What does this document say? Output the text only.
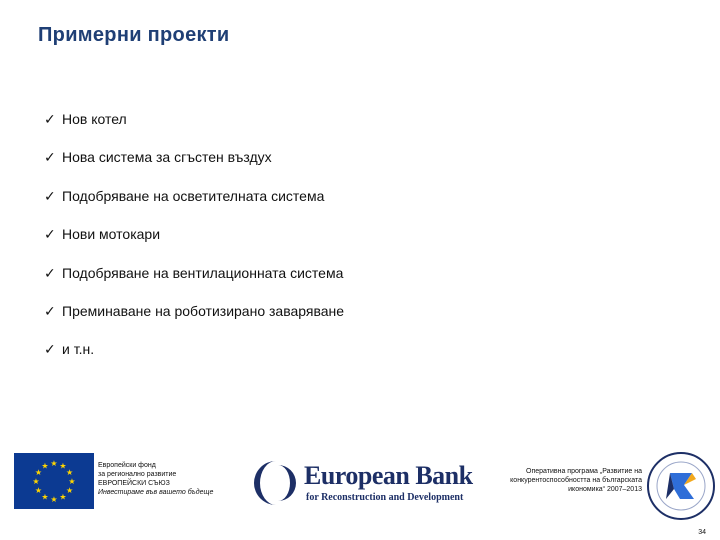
Примерни проекти
✓ Нов котел
✓ Нова система за сгъстен въздух
✓ Подобряване на осветителната система
✓ Нови мотокари
✓ Подобряване на вентилационната система
✓ Преминаване на роботизирано заваряване
✓ и т.н.
★ ★
★
★
★
★
★
★
★
★
★
★	Европейски фонд
за регионално развитие
ЕВРОПЕЙСКИ СЪЮЗ
Инвестираме във вашето бъдеще
European Bank
for Reconstruction and Development
Оперативна програма „Развитие на
конкурентоспособността на българската
икономика“ 2007–2013
34
